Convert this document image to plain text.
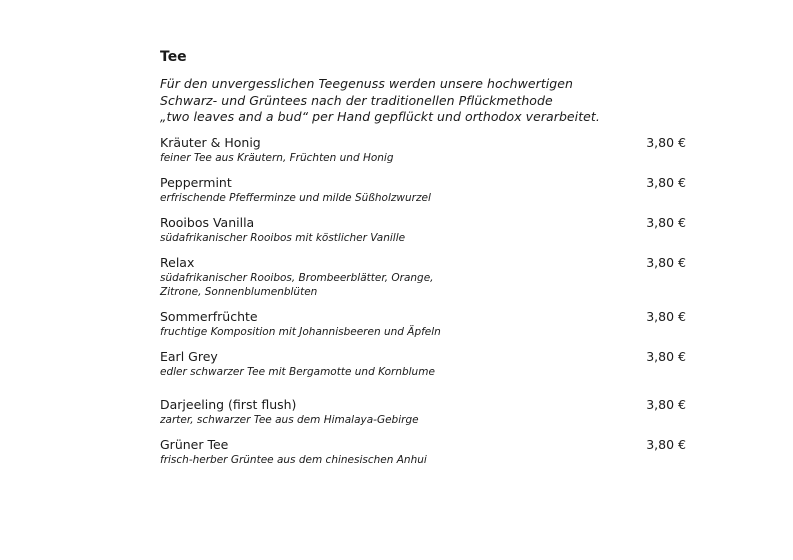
Tee
Für den unvergesslichen Teegenuss werden unsere hochwertigen
Schwarz- und Grüntees nach der traditionellen Pflückmethode
„two leaves and a bud“ per Hand gepflückt und orthodox verarbeitet.
Kräuter & Honig	3,80 €
feiner Tee aus Kräutern, Früchten und Honig
Peppermint	3,80 €
erfrischende Pfefferminze und milde Süßholzwurzel
Rooibos Vanilla	3,80 €
südafrikanischer Rooibos mit köstlicher Vanille
Relax	3,80 €
südafrikanischer Rooibos, Brombeerblätter, Orange,
Zitrone, Sonnenblumenblüten
Sommerfrüchte	3,80 €
fruchtige Komposition mit Johannisbeeren und Äpfeln
Earl Grey	3,80 €
edler schwarzer Tee mit Bergamotte und Kornblume
Darjeeling (first flush)	3,80 €
zarter, schwarzer Tee aus dem Himalaya-Gebirge
Grüner Tee	3,80 €
frisch-herber Grüntee aus dem chinesischen Anhui
